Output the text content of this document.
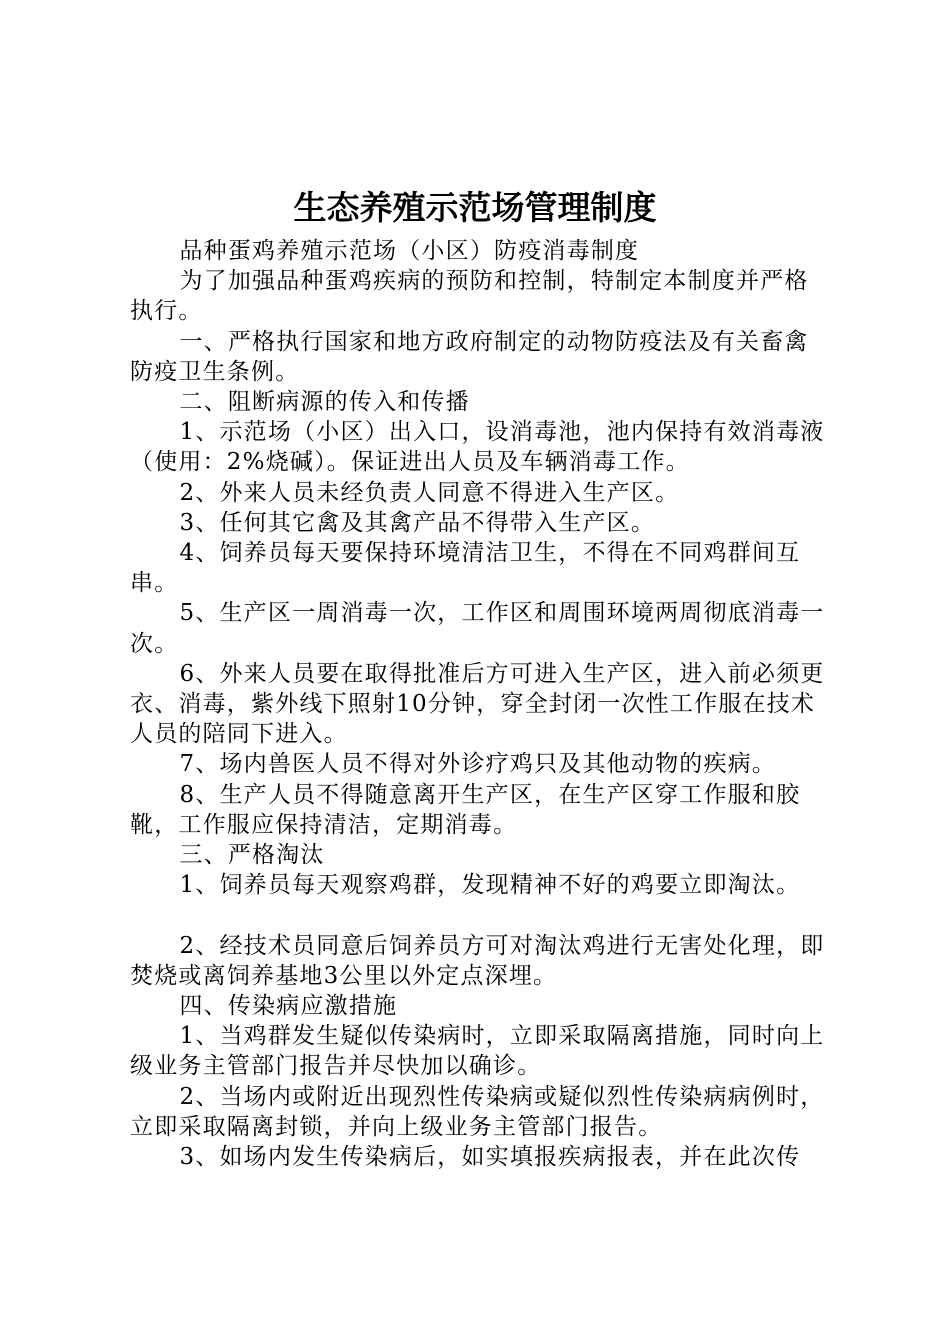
生态养殖示范场管理制度

品种蛋鸡养殖示范场（小区）防疫消毒制度

为了加强品种蛋鸡疾病的预防和控制，特制定本制度并严格执行。

一、严格执行国家和地方政府制定的动物防疫法及有关畜禽防疫卫生条例。

二、阻断病源的传入和传播

1、示范场（小区）出入口，设消毒池，池内保持有效消毒液（使用：2%烧碱）。保证进出人员及车辆消毒工作。

2、外来人员未经负责人同意不得进入生产区。

3、任何其它禽及其禽产品不得带入生产区。

4、饲养员每天要保持环境清洁卫生，不得在不同鸡群间互串。

5、生产区一周消毒一次，工作区和周围环境两周彻底消毒一次。

6、外来人员要在取得批准后方可进入生产区，进入前必须更衣、消毒，紫外线下照射10分钟，穿全封闭一次性工作服在技术人员的陪同下进入。

7、场内兽医人员不得对外诊疗鸡只及其他动物的疾病。

8、生产人员不得随意离开生产区，在生产区穿工作服和胶靴，工作服应保持清洁，定期消毒。

三、严格淘汰

1、饲养员每天观察鸡群，发现精神不好的鸡要立即淘汰。

2、经技术员同意后饲养员方可对淘汰鸡进行无害处化理，即焚烧或离饲养基地3公里以外定点深埋。

四、传染病应激措施

1、当鸡群发生疑似传染病时，立即采取隔离措施，同时向上级业务主管部门报告并尽快加以确诊。

2、当场内或附近出现烈性传染病或疑似烈性传染病病例时，立即采取隔离封锁，并向上级业务主管部门报告。

3、如场内发生传染病后，如实填报疾病报表，并在此次传
